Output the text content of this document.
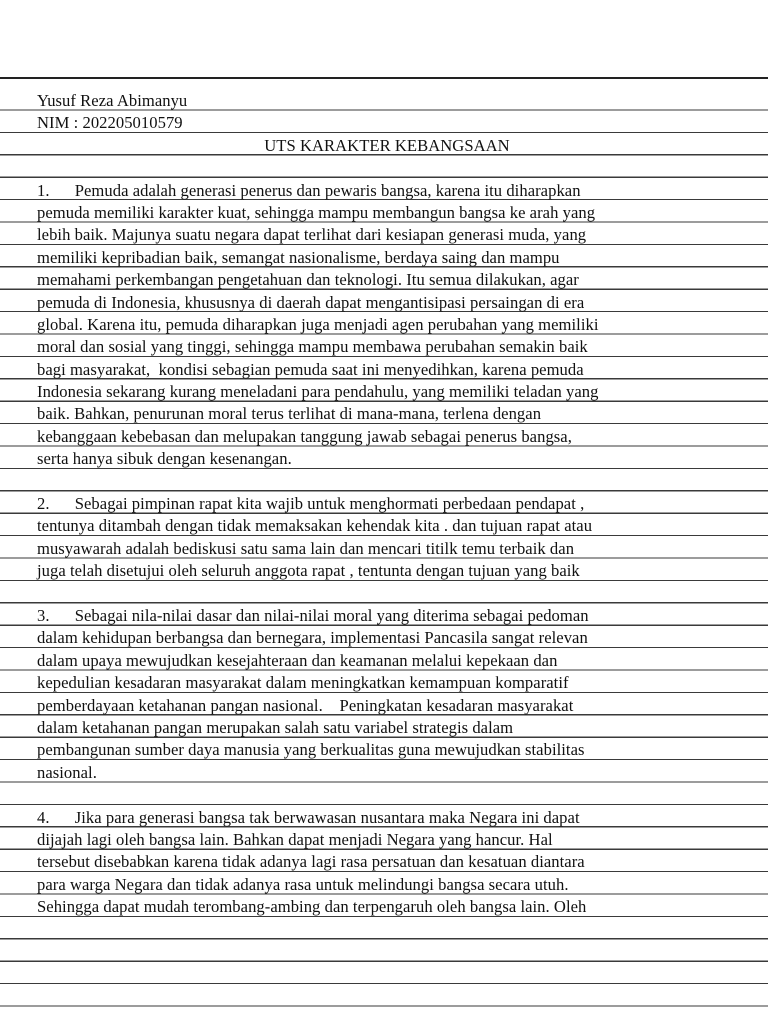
Yusuf Reza Abimanyu
NIM : 202205010579
UTS KARAKTER KEBANGSAAN
1.      Pemuda adalah generasi penerus dan pewaris bangsa, karena itu diharapkan
pemuda memiliki karakter kuat, sehingga mampu membangun bangsa ke arah yang
lebih baik. Majunya suatu negara dapat terlihat dari kesiapan generasi muda, yang
memiliki kepribadian baik, semangat nasionalisme, berdaya saing dan mampu
memahami perkembangan pengetahuan dan teknologi. Itu semua dilakukan, agar
pemuda di Indonesia, khususnya di daerah dapat mengantisipasi persaingan di era
global. Karena itu, pemuda diharapkan juga menjadi agen perubahan yang memiliki
moral dan sosial yang tinggi, sehingga mampu membawa perubahan semakin baik
bagi masyarakat,  kondisi sebagian pemuda saat ini menyedihkan, karena pemuda
Indonesia sekarang kurang meneladani para pendahulu, yang memiliki teladan yang
baik. Bahkan, penurunan moral terus terlihat di mana-mana, terlena dengan
kebanggaan kebebasan dan melupakan tanggung jawab sebagai penerus bangsa,
serta hanya sibuk dengan kesenangan.
2.      Sebagai pimpinan rapat kita wajib untuk menghormati perbedaan pendapat ,
tentunya ditambah dengan tidak memaksakan kehendak kita . dan tujuan rapat atau
musyawarah adalah bediskusi satu sama lain dan mencari titilk temu terbaik dan
juga telah disetujui oleh seluruh anggota rapat , tentunta dengan tujuan yang baik
3.      Sebagai nila-nilai dasar dan nilai-nilai moral yang diterima sebagai pedoman
dalam kehidupan berbangsa dan bernegara, implementasi Pancasila sangat relevan
dalam upaya mewujudkan kesejahteraan dan keamanan melalui kepekaan dan
kepedulian kesadaran masyarakat dalam meningkatkan kemampuan komparatif
pemberdayaan ketahanan pangan nasional.    Peningkatan kesadaran masyarakat
dalam ketahanan pangan merupakan salah satu variabel strategis dalam
pembangunan sumber daya manusia yang berkualitas guna mewujudkan stabilitas
nasional.
4.      Jika para generasi bangsa tak berwawasan nusantara maka Negara ini dapat
dijajah lagi oleh bangsa lain. Bahkan dapat menjadi Negara yang hancur. Hal
tersebut disebabkan karena tidak adanya lagi rasa persatuan dan kesatuan diantara
para warga Negara dan tidak adanya rasa untuk melindungi bangsa secara utuh.
Sehingga dapat mudah terombang-ambing dan terpengaruh oleh bangsa lain. Oleh
